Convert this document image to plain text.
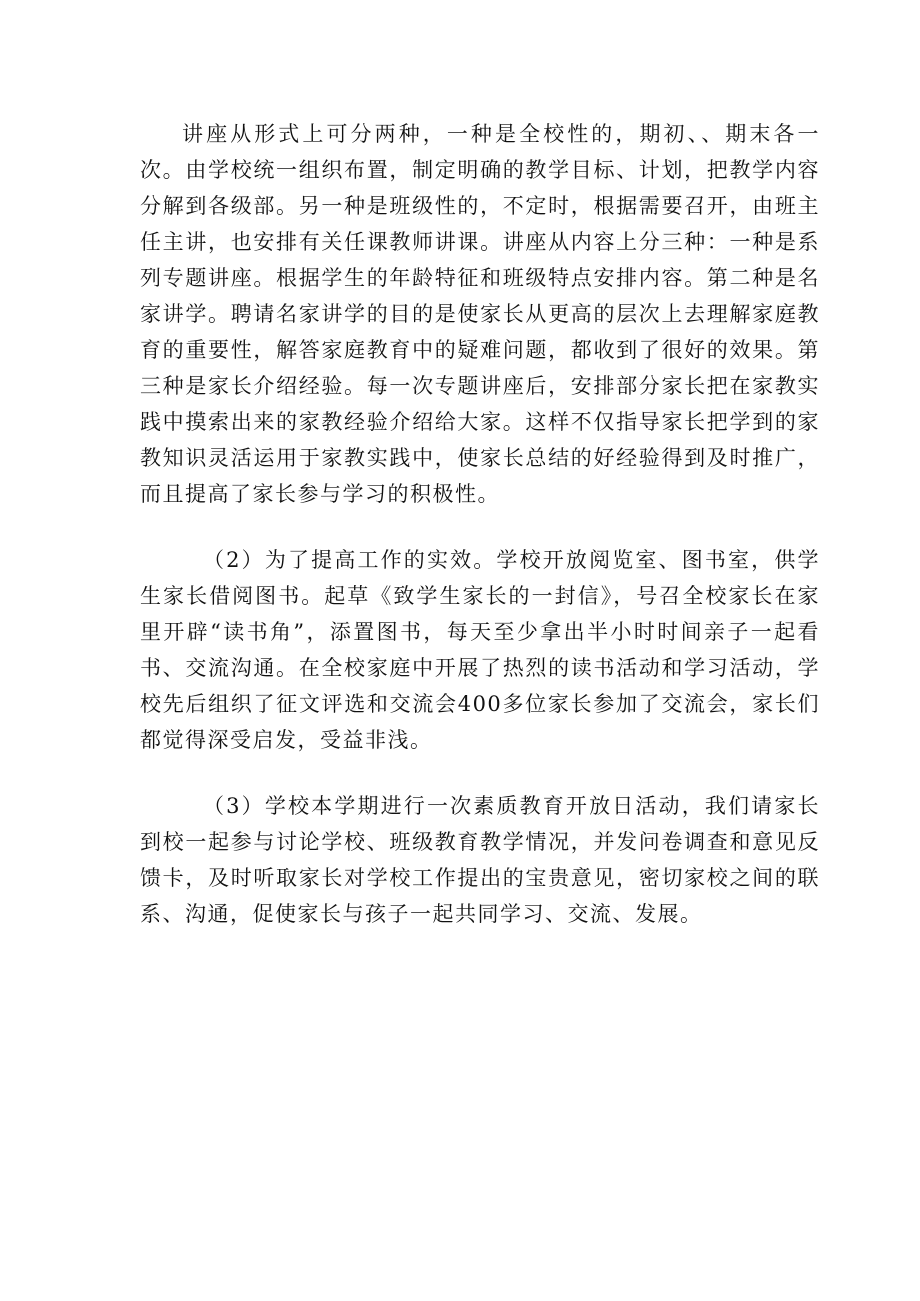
讲座从形式上可分两种，一种是全校性的，期初、、期末各一次。由学校统一组织布置，制定明确的教学目标、计划，把教学内容分解到各级部。另一种是班级性的，不定时，根据需要召开，由班主任主讲，也安排有关任课教师讲课。讲座从内容上分三种：一种是系列专题讲座。根据学生的年龄特征和班级特点安排内容。第二种是名家讲学。聘请名家讲学的目的是使家长从更高的层次上去理解家庭教育的重要性，解答家庭教育中的疑难问题，都收到了很好的效果。第三种是家长介绍经验。每一次专题讲座后，安排部分家长把在家教实践中摸索出来的家教经验介绍给大家。这样不仅指导家长把学到的家教知识灵活运用于家教实践中，使家长总结的好经验得到及时推广，而且提高了家长参与学习的积极性。

（2）为了提高工作的实效。学校开放阅览室、图书室，供学生家长借阅图书。起草《致学生家长的一封信》，号召全校家长在家里开辟“读书角”，添置图书，每天至少拿出半小时时间亲子一起看书、交流沟通。在全校家庭中开展了热烈的读书活动和学习活动，学校先后组织了征文评选和交流会400多位家长参加了交流会，家长们都觉得深受启发，受益非浅。

（3）学校本学期进行一次素质教育开放日活动，我们请家长到校一起参与讨论学校、班级教育教学情况，并发问卷调查和意见反馈卡，及时听取家长对学校工作提出的宝贵意见，密切家校之间的联系、沟通，促使家长与孩子一起共同学习、交流、发展。
